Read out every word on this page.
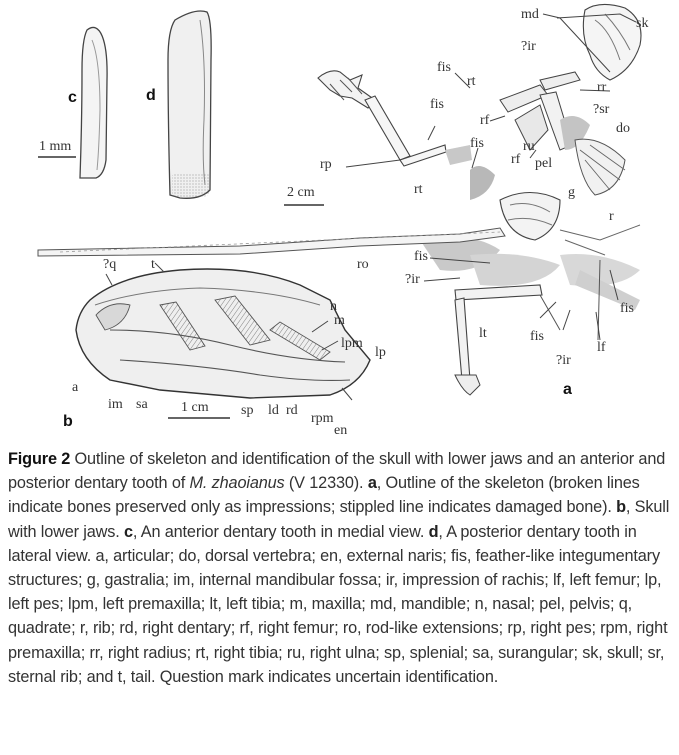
c	d
a
b
1 mm
2 cm
1 cm
md
?ir
sk
fis
rt	rr
fis
rf
?sr
do
fis	ru
rf pel
rp
rt	g
r
fis
?ir
fis
lt	fis
lf
?ir
?q t	ro
n
m
lpm
lp
a
im sa	sp ld rd
rpm
en
Figure 2 Outline of skeleton and identification of the skull with lower jaws and an anterior and posterior dentary tooth of M. zhaoianus (V 12330). a, Outline of the skeleton (broken lines indicate bones preserved only as impressions; stippled line indicates damaged bone). b, Skull with lower jaws. c, An anterior dentary tooth in medial view. d, A posterior dentary tooth in lateral view. a, articular; do, dorsal vertebra; en, external naris; fis, feather-like integumentary structures; g, gastralia; im, internal mandibular fossa; ir, impression of rachis; lf, left femur; lp, left pes; lpm, left premaxilla; lt, left tibia; m, maxilla; md, mandible; n, nasal; pel, pelvis; q, quadrate; r, rib; rd, right dentary; rf, right femur; ro, rod-like extensions; rp, right pes; rpm, right premaxilla; rr, right radius; rt, right tibia; ru, right ulna; sp, splenial; sa, surangular; sk, skull; sr, sternal rib; and t, tail. Question mark indicates uncertain identification.
